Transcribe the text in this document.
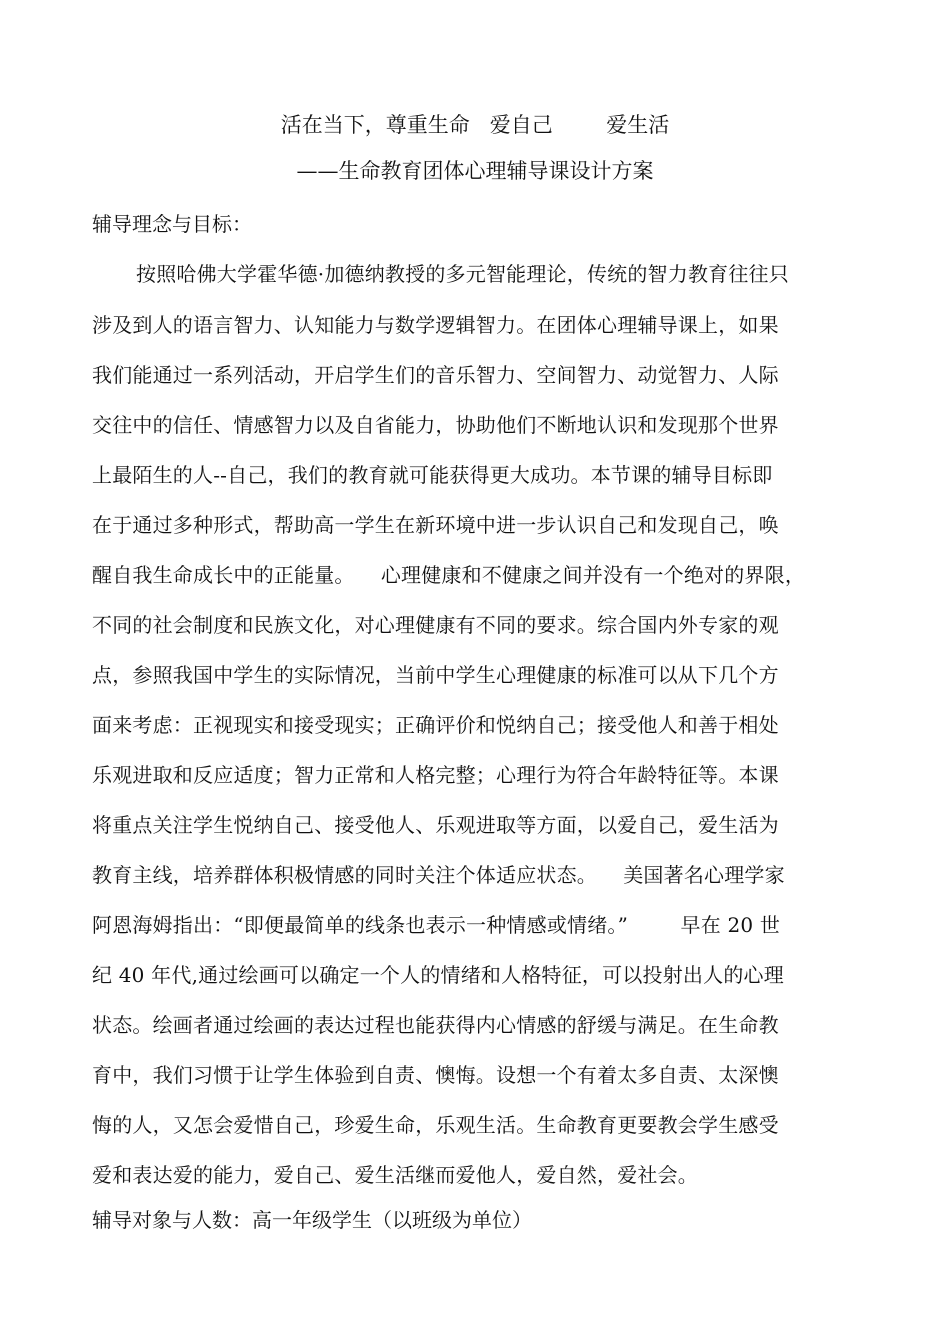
活在当下，尊重生命   爱自己        爱生活
——生命教育团体心理辅导课设计方案
辅导理念与目标：
按照哈佛大学霍华德·加德纳教授的多元智能理论，传统的智力教育往往只
涉及到人的语言智力、认知能力与数学逻辑智力。在团体心理辅导课上，如果
我们能通过一系列活动，开启学生们的音乐智力、空间智力、动觉智力、人际
交往中的信任、情感智力以及自省能力，协助他们不断地认识和发现那个世界
上最陌生的人--自己，我们的教育就可能获得更大成功。本节课的辅导目标即
在于通过多种形式，帮助高一学生在新环境中进一步认识自己和发现自己，唤
醒自我生命成长中的正能量。    心理健康和不健康之间并没有一个绝对的界限，
不同的社会制度和民族文化，对心理健康有不同的要求。综合国内外专家的观
点，参照我国中学生的实际情况，当前中学生心理健康的标准可以从下几个方
面来考虑：正视现实和接受现实；正确评价和悦纳自己；接受他人和善于相处
乐观进取和反应适度；智力正常和人格完整；心理行为符合年龄特征等。本课
将重点关注学生悦纳自己、接受他人、乐观进取等方面，以爱自己，爱生活为
教育主线，培养群体积极情感的同时关注个体适应状态。    美国著名心理学家
阿恩海姆指出：“即便最简单的线条也表示一种情感或情绪。”        早在 20 世
纪 40 年代,通过绘画可以确定一个人的情绪和人格特征，可以投射出人的心理
状态。绘画者通过绘画的表达过程也能获得内心情感的舒缓与满足。在生命教
育中，我们习惯于让学生体验到自责、懊悔。设想一个有着太多自责、太深懊
悔的人，又怎会爱惜自己，珍爱生命，乐观生活。生命教育更要教会学生感受
爱和表达爱的能力，爱自己、爱生活继而爱他人，爱自然，爱社会。
辅导对象与人数：高一年级学生（以班级为单位）
